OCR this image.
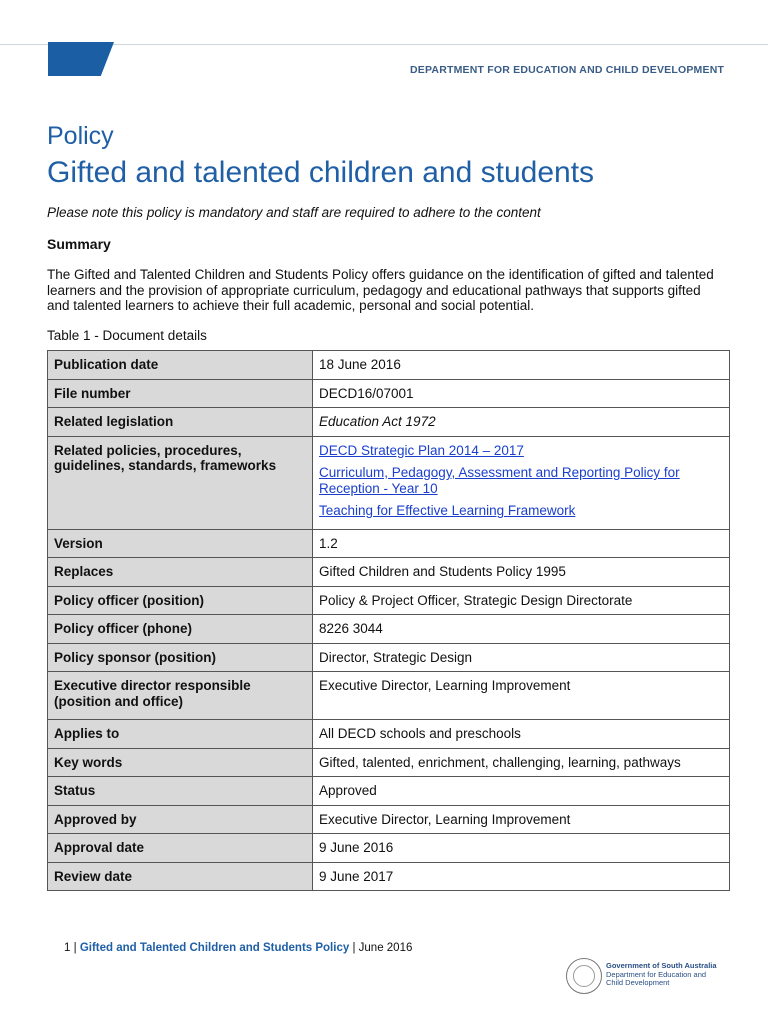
DEPARTMENT FOR EDUCATION AND CHILD DEVELOPMENT
Policy
Gifted and talented children and students
Please note this policy is mandatory and staff are required to adhere to the content
Summary

The Gifted and Talented Children and Students Policy offers guidance on the identification of gifted and talented learners and the provision of appropriate curriculum, pedagogy and educational pathways that supports gifted and talented learners to achieve their full academic, personal and social potential.

Table 1 - Document details
Publication date	18 June 2016
File number	DECD16/07001
Related legislation	Education Act 1972
Related policies, procedures, guidelines, standards, frameworks	DECD Strategic Plan 2014 – 2017
Curriculum, Pedagogy, Assessment and Reporting Policy for Reception - Year 10
Teaching for Effective Learning Framework

Version	1.2
Replaces	Gifted Children and Students Policy 1995
Policy officer (position)	Policy & Project Officer, Strategic Design Directorate
Policy officer (phone)	8226 3044
Policy sponsor (position)	Director, Strategic Design
Executive director responsible (position and office)	Executive Director, Learning Improvement
Applies to	All DECD schools and preschools
Key words	Gifted, talented, enrichment, challenging, learning, pathways
Status	Approved
Approved by	Executive Director, Learning Improvement
Approval date	9 June 2016
Review date	9 June 2017
1 | Gifted and Talented Children and Students Policy | June 2016
Government of South Australia
Department for Education and
Child Development
